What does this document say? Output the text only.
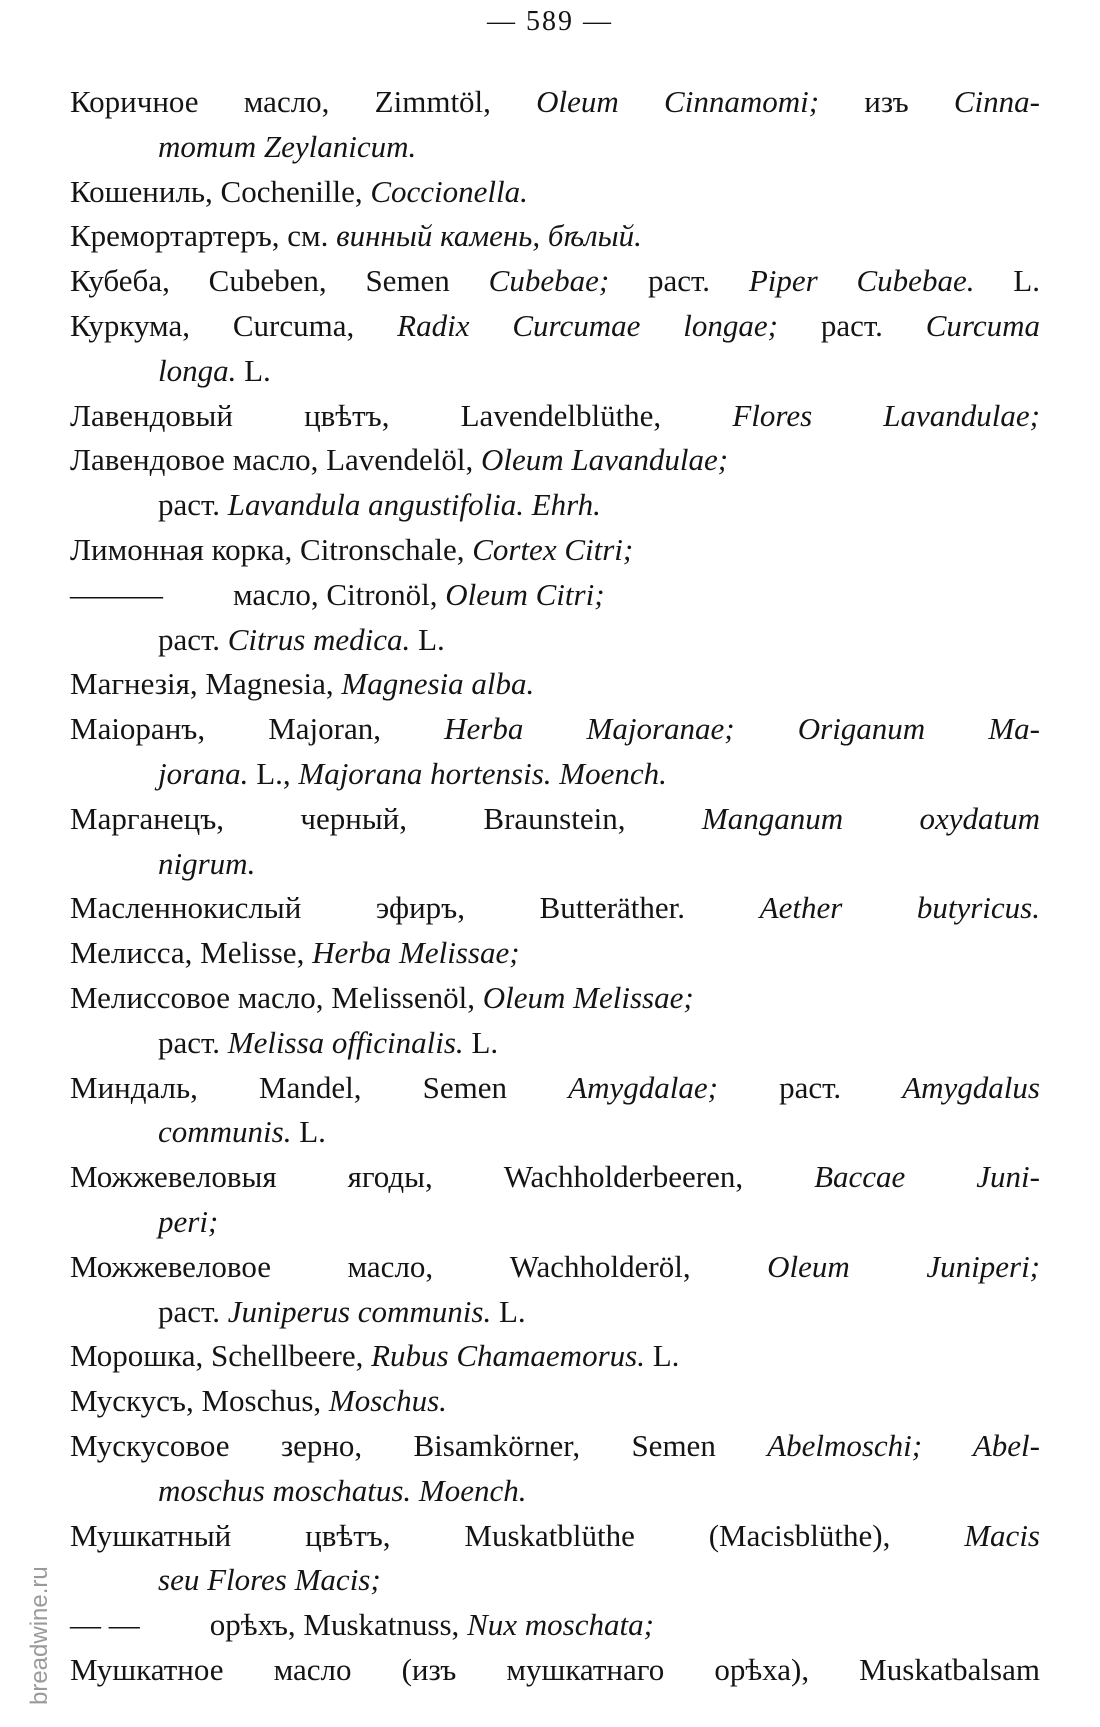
— 589 —
Коричное масло, Zimmtöl, Oleum Cinnamomi; изъ Cinna-
momum Zeylanicum.
Кошениль, Cochenille, Coccionella.
Кремортартеръ, см. винный камень, бѣлый.
Кубеба, Cubeben, Semen Cubebae; раст. Piper Cubebae. L.
Куркума, Curcuma, Radix Curcumae longae; раст. Curcuma
longa. L.
Лавендовый цвѣтъ, Lavendelblüthe, Flores Lavandulae;
Лавендовое масло, Lavendelöl, Oleum Lavandulae;
раст. Lavandula angustifolia. Ehrh.
Лимонная корка, Citronschale, Cortex Citri;
——— масло, Citronöl, Oleum Citri;
раст. Citrus medica. L.
Магнезія, Magnesia, Magnesia alba.
Маіоранъ, Majoran, Herba Majoranae; Origanum Ma-
jorana. L., Majorana hortensis. Moench.
Марганецъ, черный, Braunstein, Manganum oxydatum
nigrum.
Масленнокислый эфиръ, Butteräther. Aether butyricus.
Мелисса, Melisse, Herba Melissae;
Мелиссовое масло, Melissenöl, Oleum Melissae;
раст. Melissa officinalis. L.
Миндаль, Mandel, Semen Amygdalae; раст. Amygdalus
communis. L.
Можжевеловыя ягоды, Wachholderbeeren, Baccae Juni-
peri;
Можжевеловое масло, Wachholderöl, Oleum Juniperi;
раст. Juniperus communis. L.
Морошка, Schellbeere, Rubus Chamaemorus. L.
Мускусъ, Moschus, Moschus.
Мускусовое зерно, Bisamkörner, Semen Abelmoschi; Abel-
moschus moschatus. Moench.
Мушкатный цвѣтъ, Muskatblüthe (Macisblüthe), Macis
seu Flores Macis;
— — орѣхъ, Muskatnuss, Nux moschata;
Мушкатное масло (изъ мушкатнаго орѣха), Muskatbalsam
breadwine.ru
